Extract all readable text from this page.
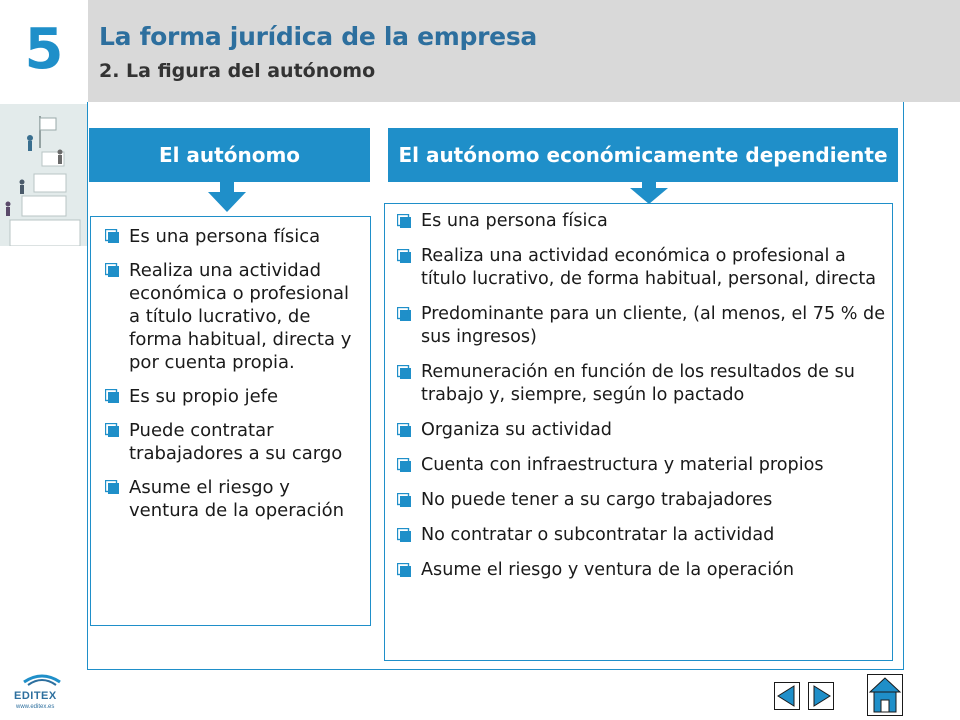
5	La forma jurídica de la empresa
2. La figura del autónomo
El autónomo	El autónomo económicamente dependiente
Es una persona física
Realiza una actividad económica o profesional a título lucrativo, de forma habitual, directa y por cuenta propia.
Es su propio jefe
Puede contratar trabajadores a su cargo
Asume el riesgo y ventura de la operación
Es una persona física
Realiza una actividad económica o profesional a título lucrativo, de forma habitual, personal, directa
Predominante para un cliente, (al menos, el 75 % de sus ingresos)
Remuneración en función de los resultados de su trabajo y, siempre, según lo pactado
Organiza su actividad
Cuenta con infraestructura y material propios
No puede tener a su cargo trabajadores
No contratar o subcontratar la actividad
Asume el riesgo y ventura de la operación
EDITEX
www.editex.es
